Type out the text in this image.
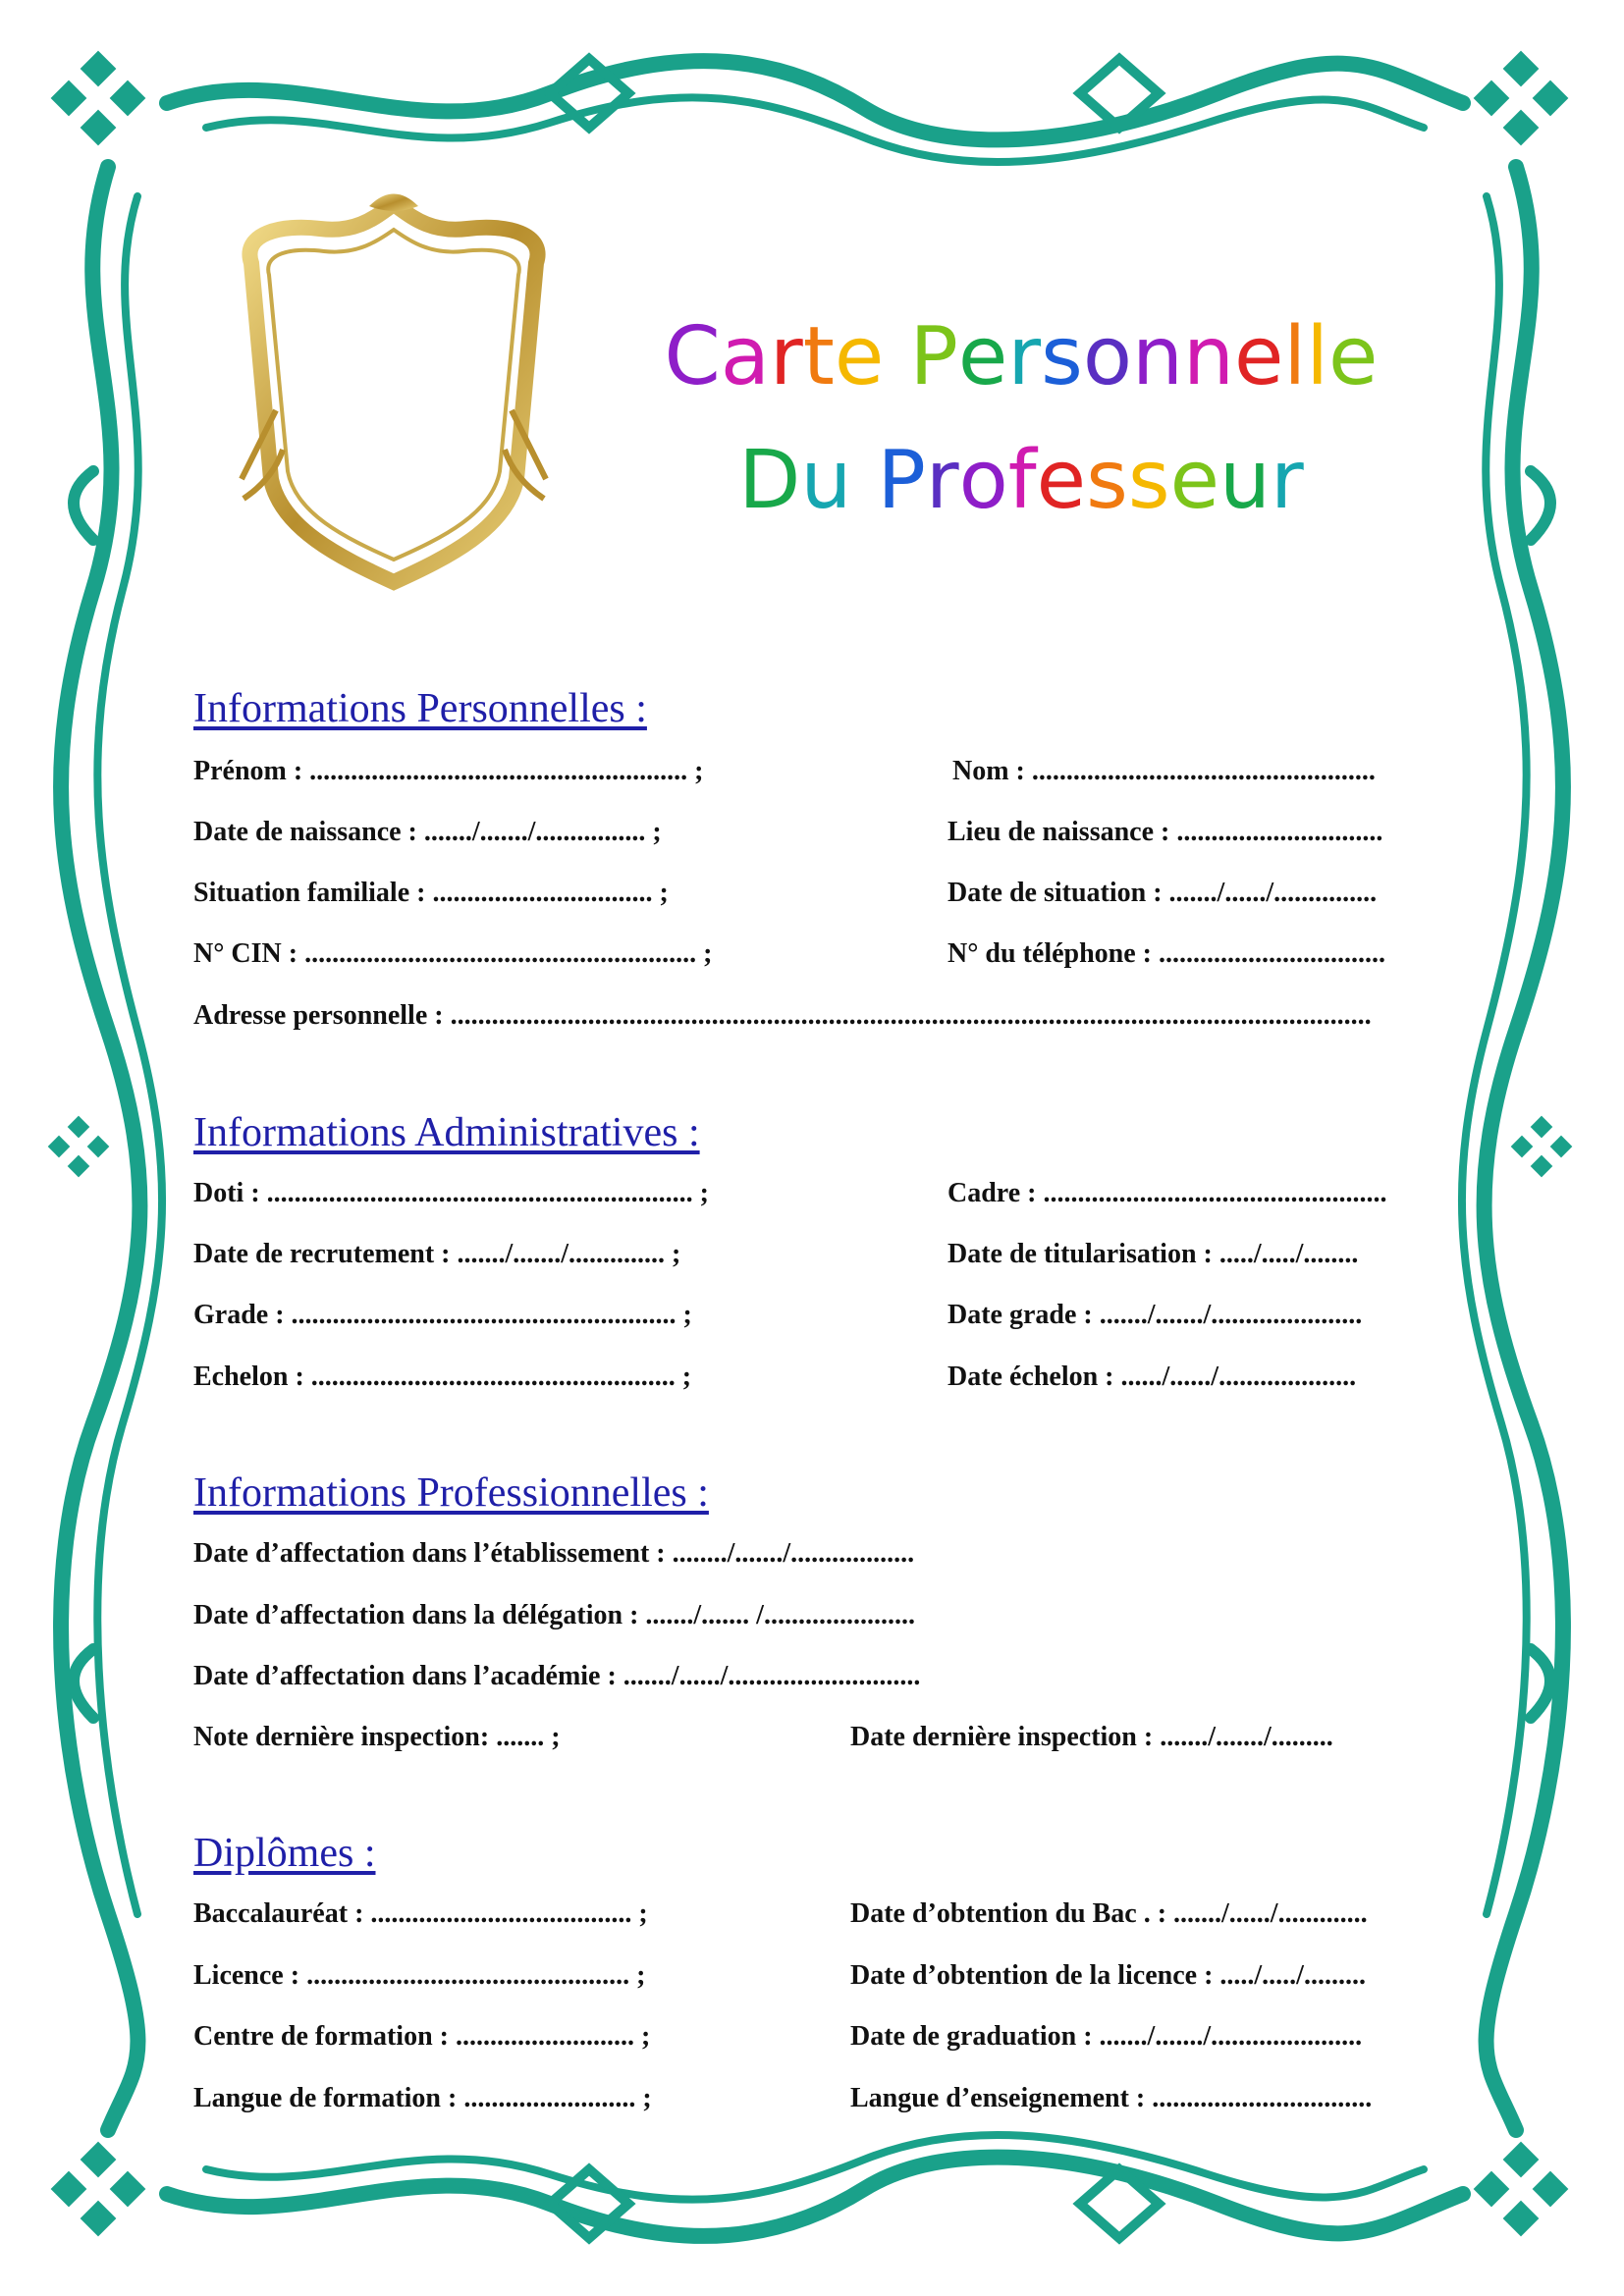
Carte Personnelle
Du Professeur
Informations Personnelles :
Prénom : ....................................................... ;	Nom : ..................................................
Date de naissance : ......./......./................ ;	Lieu de naissance : ..............................
Situation familiale : ................................ ;	Date de situation : ......./....../...............
N° CIN : ......................................................... ;	N° du téléphone : .................................
Adresse personnelle : ......................................................................................................................................
Informations Administratives :
Doti : .............................................................. ;	Cadre : ..................................................
Date de recrutement : ......./......./.............. ;	Date de titularisation : ...../...../........
Grade : ........................................................ ;	Date grade : ......./......./......................
Echelon : ..................................................... ;	Date échelon : ....../....../....................
Informations Professionnelles :
Date d’affectation dans l’établissement : ......../......./..................
Date d’affectation dans la délégation : ......./....... /......................
Date d’affectation dans l’académie : ......./....../............................
Note dernière inspection: ....... ;	Date dernière inspection : ......./......./.........
Diplômes :
Baccalauréat : ...................................... ;	Date d’obtention du Bac . : ......./....../.............
Licence : ............................................... ;	Date d’obtention de la licence : ...../...../.........
Centre de formation : .......................... ;	Date de graduation : ......./......./......................
Langue de formation : ......................... ;	Langue d’enseignement : ................................
